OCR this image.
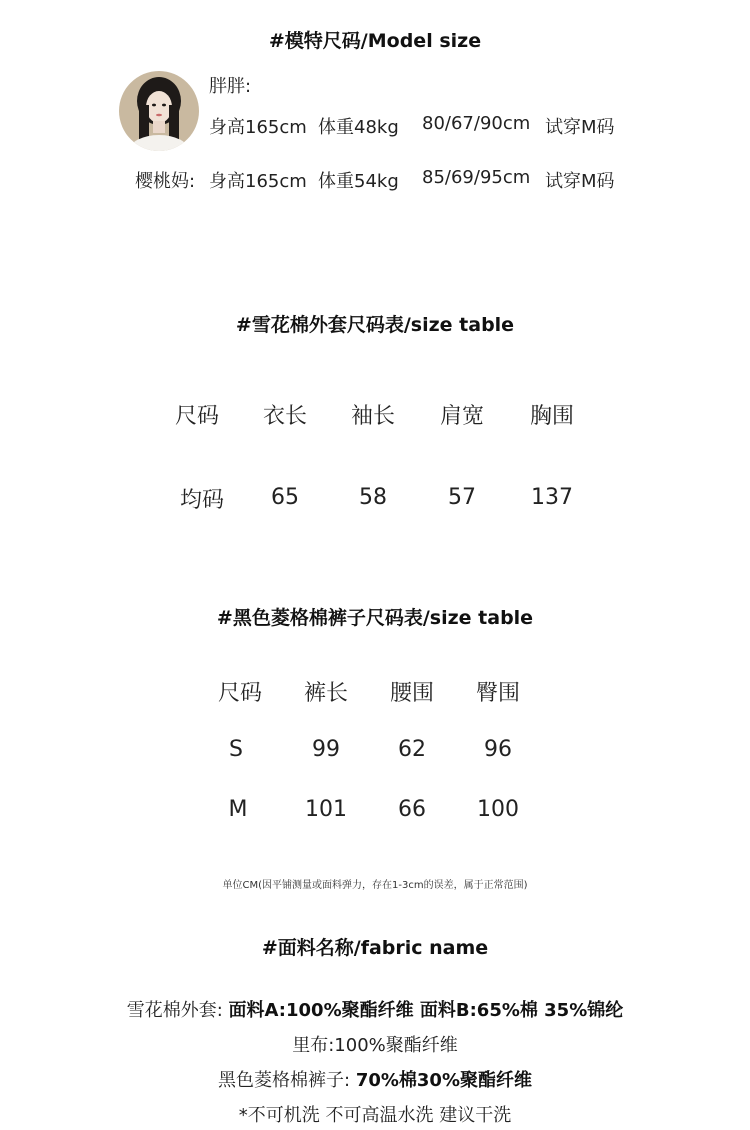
#模特尺码/Model size
胖胖:
身高165cm 体重48kg 80/67/90cm 试穿M码
樱桃妈: 身高165cm 体重54kg 85/69/95cm 试穿M码
#雪花棉外套尺码表/size table
尺码	衣长	袖长	肩宽	胸围
均码	65	58	57	137
#黑色菱格棉裤子尺码表/size table
尺码	裤长	腰围	臀围
S	99	62	96
M	101	66	100
单位CM(因平铺测量或面料弹力，存在1-3cm的误差，属于正常范围)
#面料名称/fabric name
雪花棉外套: 面料A:100%聚酯纤维 面料B:65%棉 35%锦纶
里布:100%聚酯纤维
黑色菱格棉裤子: 70%棉30%聚酯纤维
*不可机洗 不可高温水洗 建议干洗
